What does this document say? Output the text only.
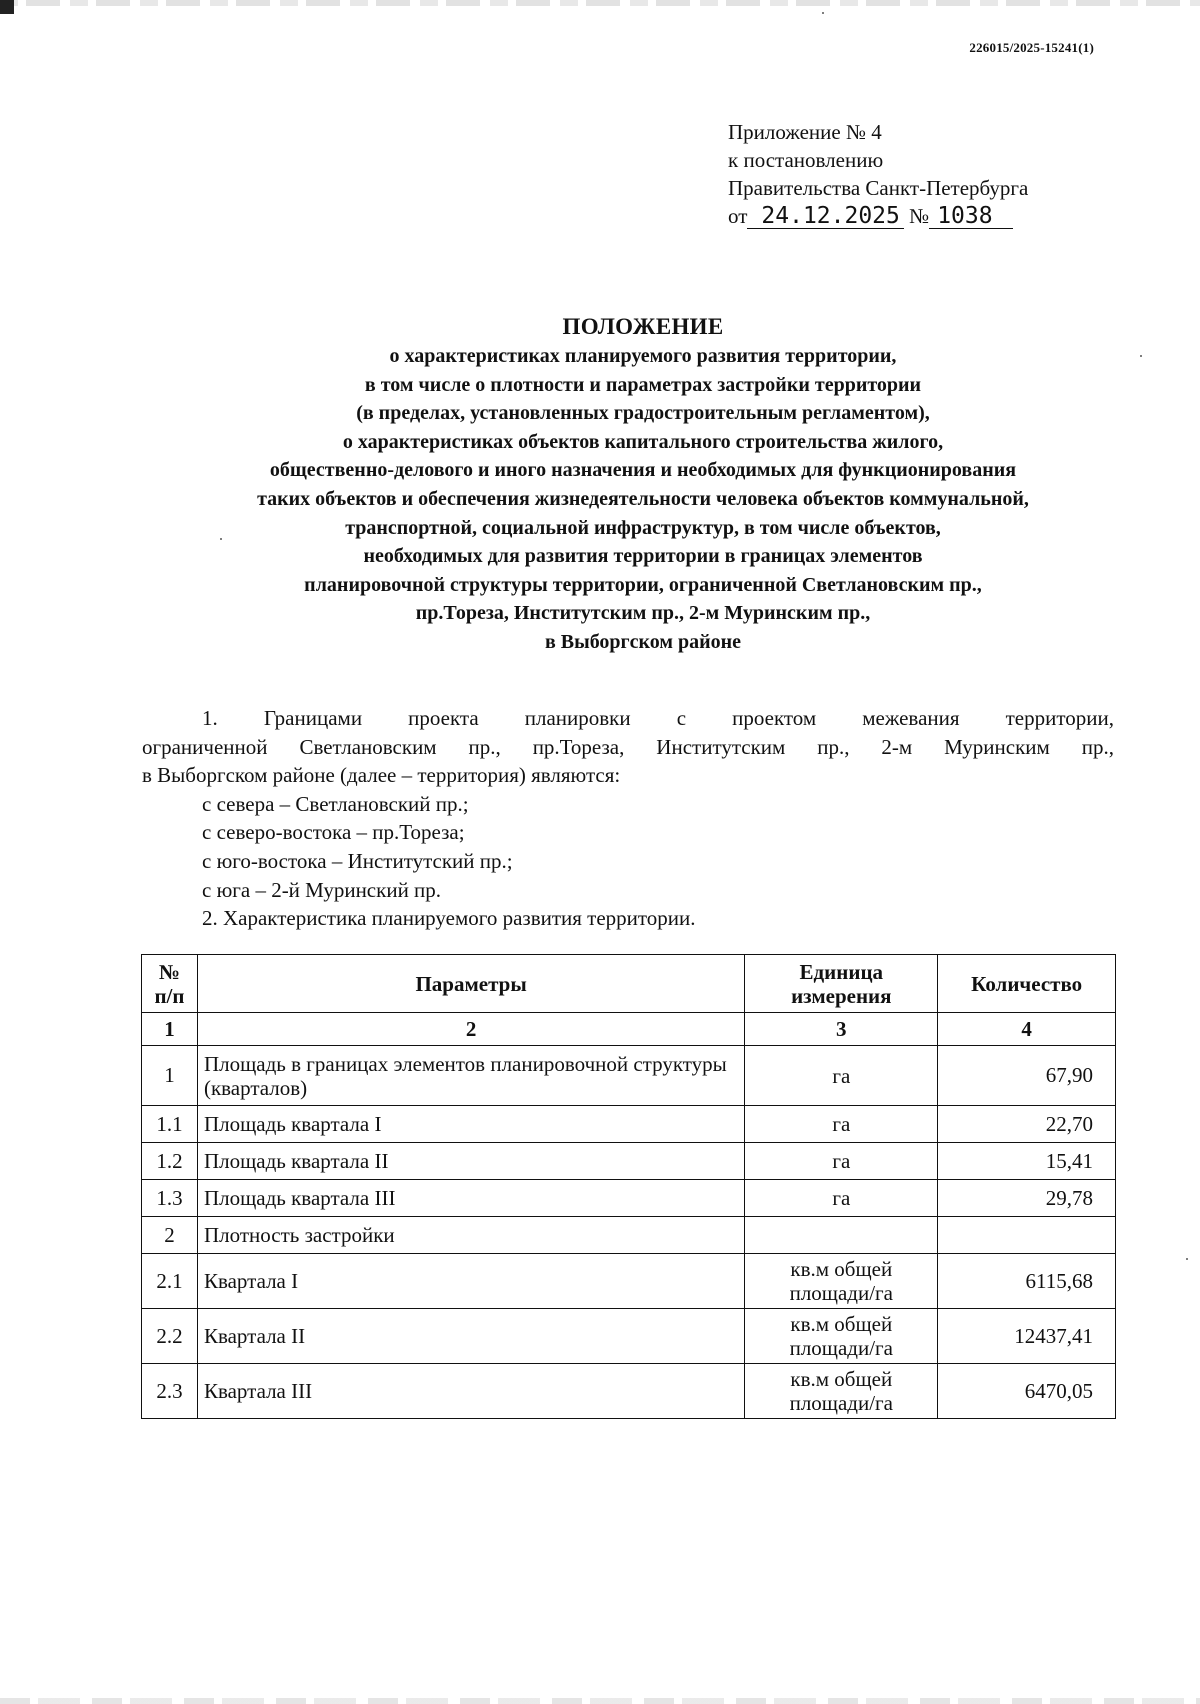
226015/2025-15241(1)
Приложение № 4
к постановлению
Правительства Санкт-Петербурга
от 24.12.2025 № 1038
ПОЛОЖЕНИЕ
о характеристиках планируемого развития территории,
в том числе о плотности и параметрах застройки территории
(в пределах, установленных градостроительным регламентом),
о характеристиках объектов капитального строительства жилого,
общественно-делового и иного назначения и необходимых для функционирования
таких объектов и обеспечения жизнедеятельности человека объектов коммунальной,
транспортной, социальной инфраструктур, в том числе объектов,
необходимых для развития территории в границах элементов
планировочной структуры территории, ограниченной Светлановским пр.,
пр.Тореза, Институтским пр., 2-м Муринским пр.,
в Выборгском районе
1. Границами проекта планировки с проектом межевания территории,
ограниченной Светлановским пр., пр.Тореза, Институтским пр., 2-м Муринским пр.,
в Выборгском районе (далее – территория) являются:
с севера – Светлановский пр.;
с северо-востока – пр.Тореза;
с юго-востока – Институтский пр.;
с юга – 2-й Муринский пр.
2. Характеристика планируемого развития территории.
№ п/п	Параметры	Единица измерения	Количество
1	2	3	4
1	Площадь в границах элементов планировочной структуры (кварталов)	га	67,90
1.1	Площадь квартала I	га	22,70
1.2	Площадь квартала II	га	15,41
1.3	Площадь квартала III	га	29,78
2	Плотность застройки		
2.1	Квартала I	кв.м общей площади/га	6115,68
2.2	Квартала II	кв.м общей площади/га	12437,41
2.3	Квартала III	кв.м общей площади/га	6470,05
